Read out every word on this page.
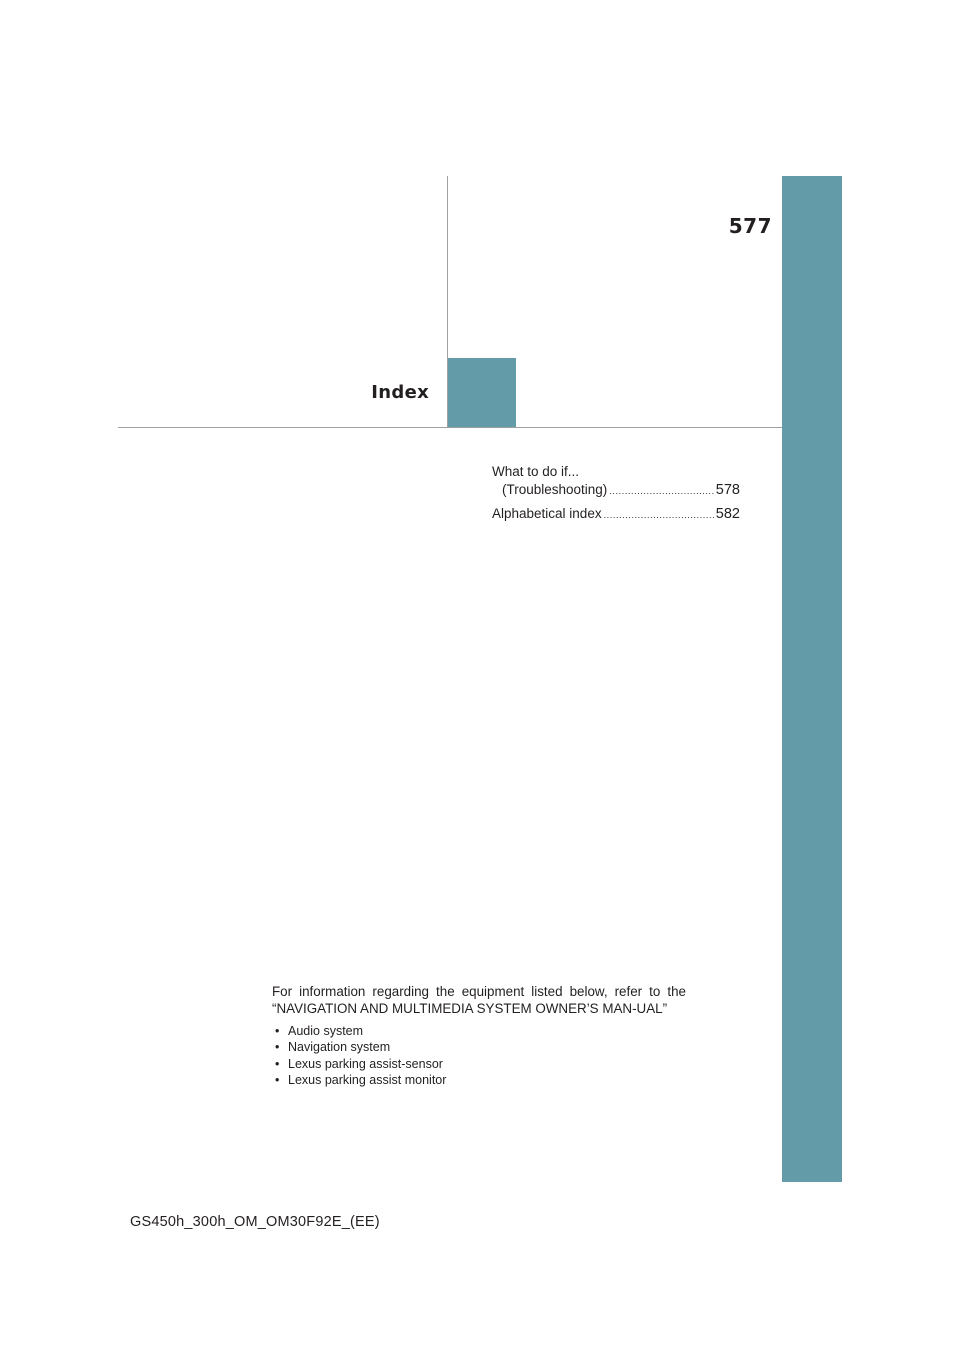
577
Index
What to do if...
(Troubleshooting) .....	578
Alphabetical index .....	582

For information regarding the equipment listed below, refer to the “NAVIGATION AND MULTIMEDIA SYSTEM OWNER’S MAN-UAL”

• Audio system
• Navigation system
• Lexus parking assist-sensor
• Lexus parking assist monitor
GS450h_300h_OM_OM30F92E_(EE)
